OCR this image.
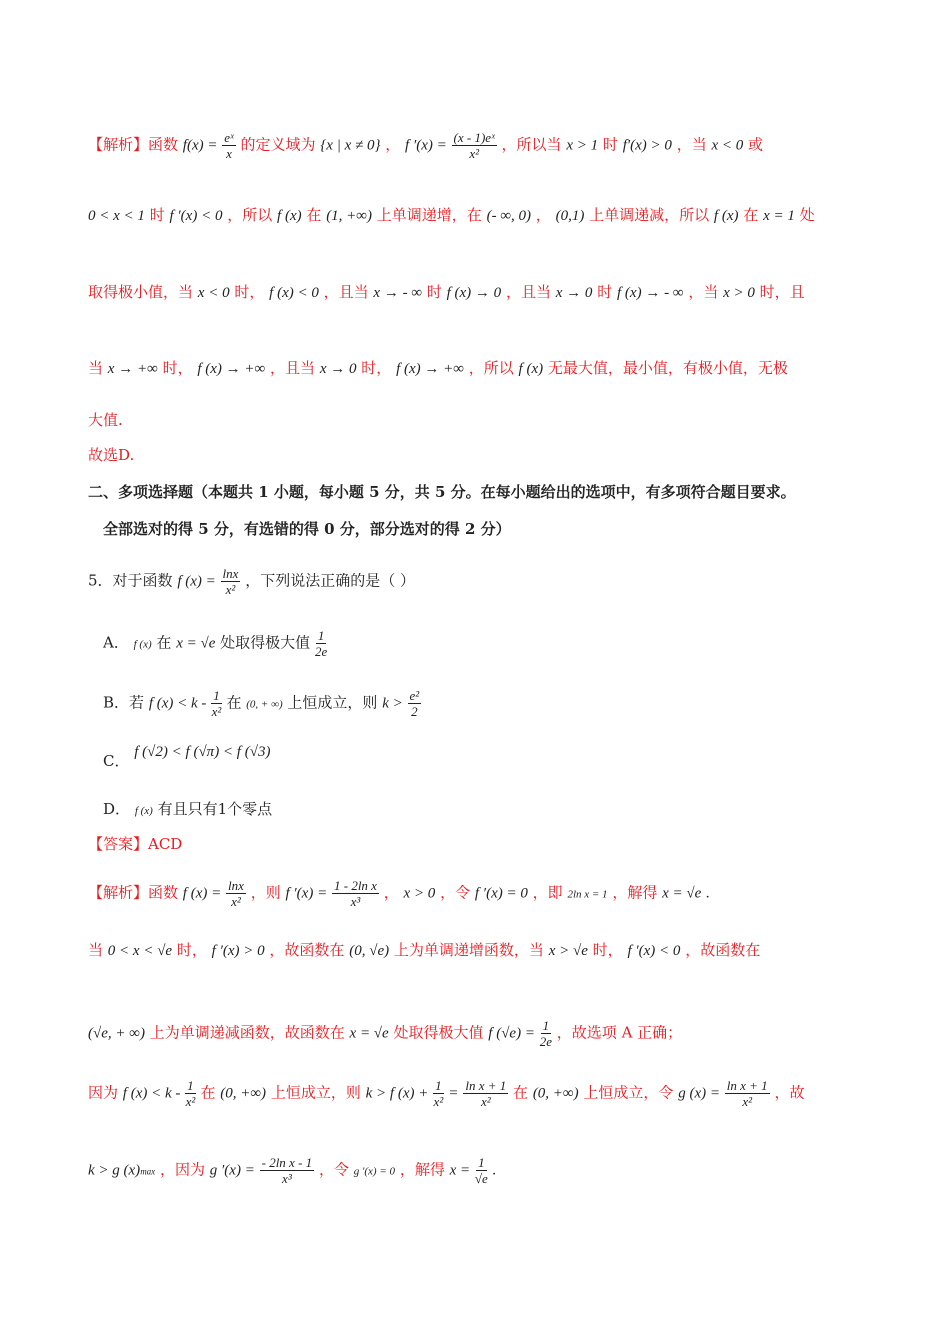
【解析】函数 $f(x) = \frac{\text{eˣ}}{x}$ 的定义域为 {x | x ≠ 0} ， f $'(x) = \frac{\text{(x - 1)eˣ}}{\text{x²}}$ ，所以当 x > 1 时 f′(x) > 0 ，当 x < 0 或
0 < x < 1 时 f ′(x) < 0 ，所以 f (x) 在 (1, +∞) 上单调递增，在 (- ∞, 0) ， (0,1) 上单调递减，所以 f (x) 在 x = 1 处
取得极小值，当 x < 0 时， f (x) < 0 ，且当 x → - ∞ 时 f (x) → 0 ，且当 x → 0 时 f (x) → - ∞ ，当 x > 0 时，且
当 x → +∞ 时， f (x) → +∞ ，且当 x → 0 时， f (x) → +∞ ，所以 f (x) 无最大值，最小值，有极小值，无极
大值.
故选D.
二、多项选择题（本题共 1 小题，每小题 5 分，共 5 分。在每小题给出的选项中，有多项符合题目要求。
全部选对的得 5 分，有选错的得 0 分，部分选对的得 2 分）
5．对于函数 f $(x) = \frac{\ln x}{\text{x²}}$ ，下列说法正确的是（ ）
A． f (x) 在 x = √e 处取得极大值 $\frac{1}{2e}$
B．若 f $(x) < k - \frac{1}{\text{x²}}$ 在 (0, + ∞) 上恒成立，则 $k > \frac{\text{e²}}{2}$
C． f (√2) < f (√π) < f (√3)
D． f (x) 有且只有1个零点
【答案】ACD
【解析】函数 f $(x) = \frac{\ln x}{\text{x²}}$ ，则 f $'(x) = \frac{\text{1 - 2ln x}}{\text{x³}}$ ， x > 0 ，令 f ′(x) = 0 ，即 2ln x = 1 ，解得 x = √e .
当 0 < x < √e 时， f ′(x) > 0 ，故函数在 (0, √e) 上为单调递增函数，当 x > √e 时， f ′(x) < 0 ，故函数在
(√e, + ∞) 上为单调递减函数，故函数在 x = √e 处取得极大值 f $(√e) = \frac{1}{2e}$ ，故选项 A 正确；
因为 f $(x) < k - \frac{1}{\text{x²}}$ 在 (0, +∞) 上恒成立，则 k > f $(x) + \frac{1}{\text{x²}} = \frac{\text{ln x + 1}}{\text{x²}}$ 在 (0, +∞) 上恒成立，令 g $(x) = \frac{\text{ln x + 1}}{\text{x²}}$ ，故
k > g (x)max ，因为 g $'(x) = \frac{\text{- 2ln x - 1}}{\text{x³}}$ ，令 g ′(x) = 0 ，解得 $x = \frac{1}{√e}$ .
